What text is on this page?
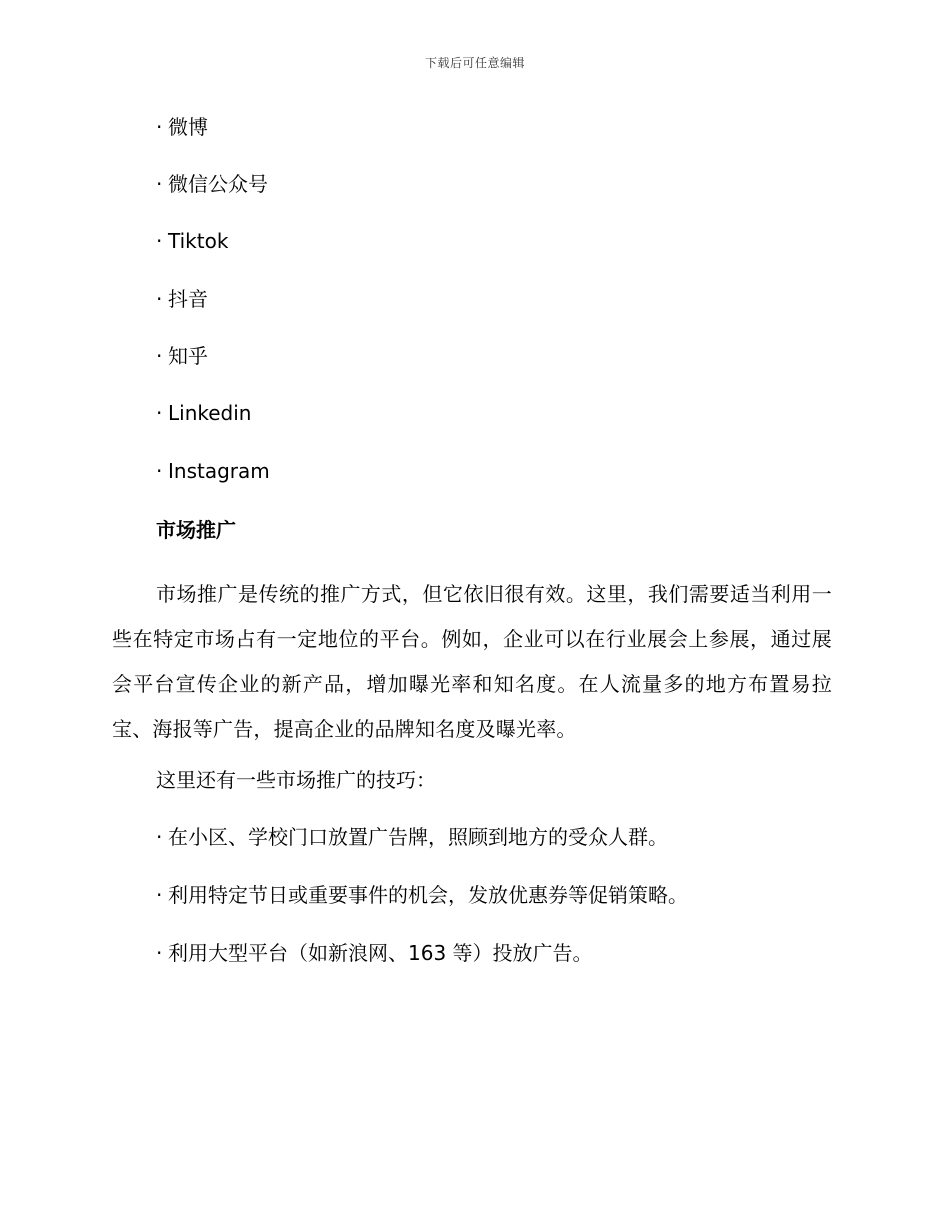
下载后可任意编辑
· 微博
· 微信公众号
· Tiktok
· 抖音
· 知乎
· Linkedin
· Instagram
市场推广
市场推广是传统的推广方式，但它依旧很有效。这里，我们需要适当利用一些在特定市场占有一定地位的平台。例如，企业可以在行业展会上参展，通过展会平台宣传企业的新产品，增加曝光率和知名度。在人流量多的地方布置易拉宝、海报等广告，提高企业的品牌知名度及曝光率。
这里还有一些市场推广的技巧：
· 在小区、学校门口放置广告牌，照顾到地方的受众人群。
· 利用特定节日或重要事件的机会，发放优惠券等促销策略。
· 利用大型平台（如新浪网、163 等）投放广告。
